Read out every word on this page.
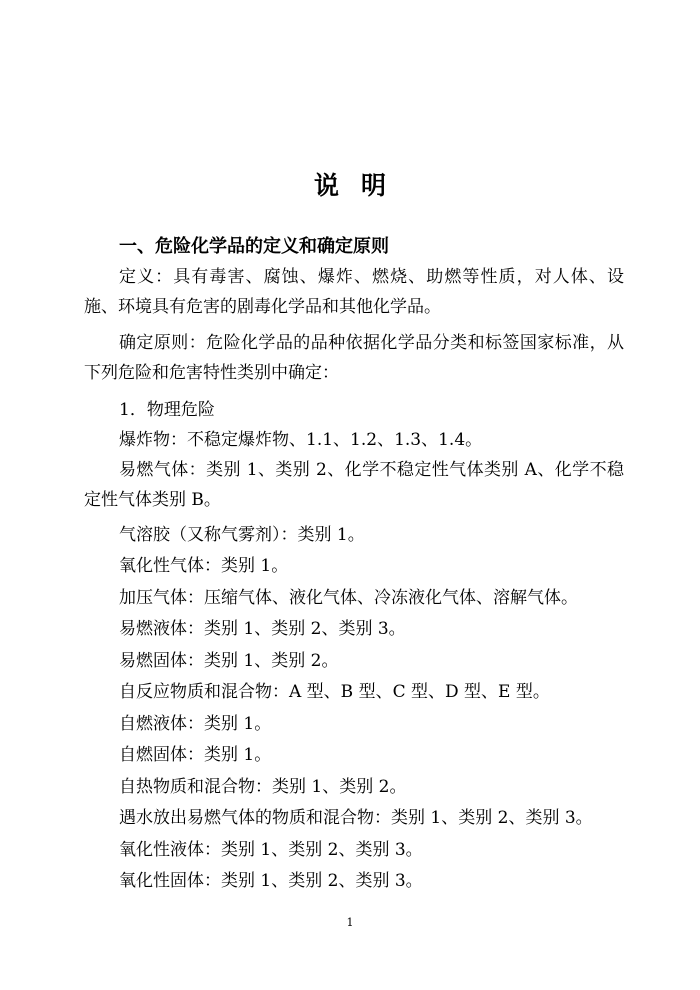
说明
一、危险化学品的定义和确定原则

定义：具有毒害、腐蚀、爆炸、燃烧、助燃等性质，对人体、设施、环境具有危害的剧毒化学品和其他化学品。

确定原则：危险化学品的品种依据化学品分类和标签国家标准，从下列危险和危害特性类别中确定：

1．物理危险

爆炸物：不稳定爆炸物、1.1、1.2、1.3、1.4。

易燃气体：类别 1、类别 2、化学不稳定性气体类别 A、化学不稳定性气体类别 B。

气溶胶（又称气雾剂）：类别 1。

氧化性气体：类别 1。

加压气体：压缩气体、液化气体、冷冻液化气体、溶解气体。

易燃液体：类别 1、类别 2、类别 3。

易燃固体：类别 1、类别 2。

自反应物质和混合物：A 型、B 型、C 型、D 型、E 型。

自燃液体：类别 1。

自燃固体：类别 1。

自热物质和混合物：类别 1、类别 2。

遇水放出易燃气体的物质和混合物：类别 1、类别 2、类别 3。

氧化性液体：类别 1、类别 2、类别 3。

氧化性固体：类别 1、类别 2、类别 3。

1
